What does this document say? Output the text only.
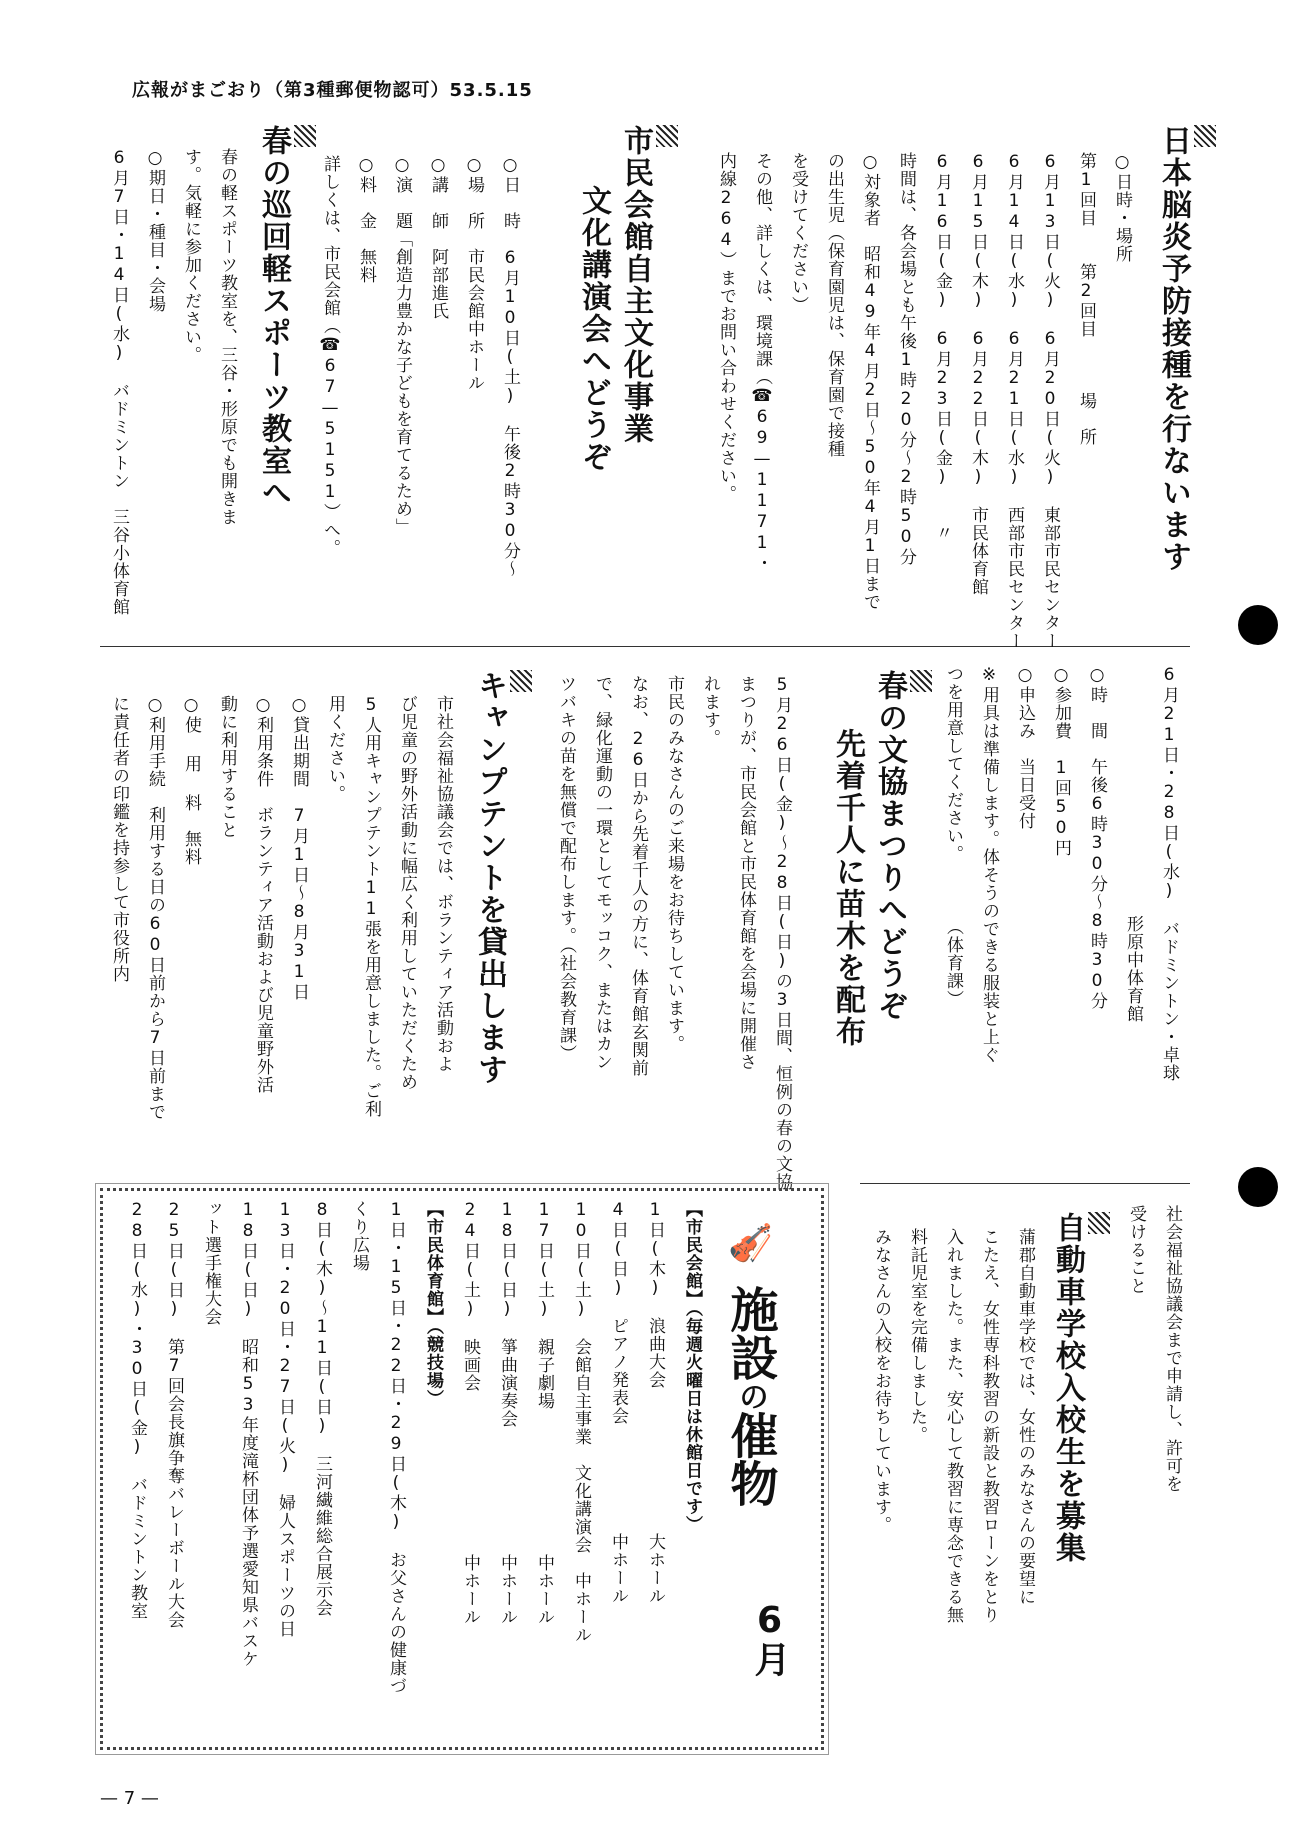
広報がまごおり（第3種郵便物認可）53.5.15
— 7 —
日本脳炎予防接種を行ないます
○日時・場所
第1回目　　第2回目　　　場　所
6月13日(火)　6月20日(火)　東部市民センター
6月14日(水)　6月21日(水)　西部市民センター
6月15日(木)　6月22日(木)　市民体育館
6月16日(金)　6月23日(金)　　〃
時間は、各会場とも午後1時20分～2時50分
○対象者　昭和49年4月2日～50年4月1日まで
の出生児（保育園児は、保育園で接種
を受けてください）
その他、詳しくは、環境課（☎69—1171・
内線264）までお問い合わせください。
市民会館自主文化事業
文化講演会へどうぞ
○日　時　6月10日(土)　午後2時30分～
○場　所　市民会館中ホール
○講　師　阿部進氏
○演　題「創造力豊かな子どもを育てるため」
○料　金　無料
詳しくは、市民会館（☎67—5151）へ。
春の巡回軽スポーツ教室へ
春の軽スポーツ教室を、三谷・形原でも開きま
す。気軽に参加ください。
○期日・種目・会場
6月7日・14日(水)　バドミントン　三谷小体育館
6月21日・28日(水)　バドミントン・卓球
形原中体育館
○時　間　午後6時30分～8時30分
○参加費　1回50円
○申込み　当日受付
※用具は準備します。体そうのできる服装と上ぐ
つを用意してください。　　　　（体育課）
春の文協まつりへどうぞ
先着千人に苗木を配布
5月26日(金)～28日(日)の3日間、恒例の春の文協
まつりが、市民会館と市民体育館を会場に開催さ
れます。
市民のみなさんのご来場をお待ちしています。
なお、26日から先着千人の方に、体育館玄関前
で、緑化運動の一環としてモッコク、またはカン
ツバキの苗を無償で配布します。（社会教育課）
キャンプテントを貸出します
市社会福祉協議会では、ボランティア活動およ
び児童の野外活動に幅広く利用していただくため
5人用キャンプテント11張を用意しました。ご利
用ください。
○貸出期間　7月1日～8月31日
○利用条件　ボランティア活動および児童野外活
動に利用すること
○使 用 料　無料
○利用手続　利用する日の60日前から7日前まで
に責任者の印鑑を持参して市役所内
社会福祉協議会まで申請し、許可を
受けること
自動車学校入校生を募集
蒲郡自動車学校では、女性のみなさんの要望に
こたえ、女性専科教習の新設と教習ローンをとり
入れました。また、安心して教習に専念できる無
料託児室を完備しました。
みなさんの入校をお待ちしています。
🎻
施設の催物
6月
【市民会館】（毎週火曜日は休館日です）
1日(木)　浪曲大会　　　　　　　　大ホール
4日(日)　ピアノ発表会　　　　　　中ホール
10日(土)　会館自主事業　文化講演会　中ホール
17日(土)　親子劇場　　　　　　　　中ホール
18日(日)　箏曲演奏会　　　　　　　中ホール
24日(土)　映画会　　　　　　　　　中ホール
【市民体育館】（競技場）
1日・15日・22日・29日(木)　お父さんの健康づ
くり広場
8日(木)～11日(日)　三河繊維総合展示会
13日・20日・27日(火)　婦人スポーツの日
18日(日)　昭和53年度滝杯団体予選愛知県バスケ
ット選手権大会
25日(日)　第7回会長旗争奪バレーボール大会
28日(水)・30日(金)　バドミントン教室
